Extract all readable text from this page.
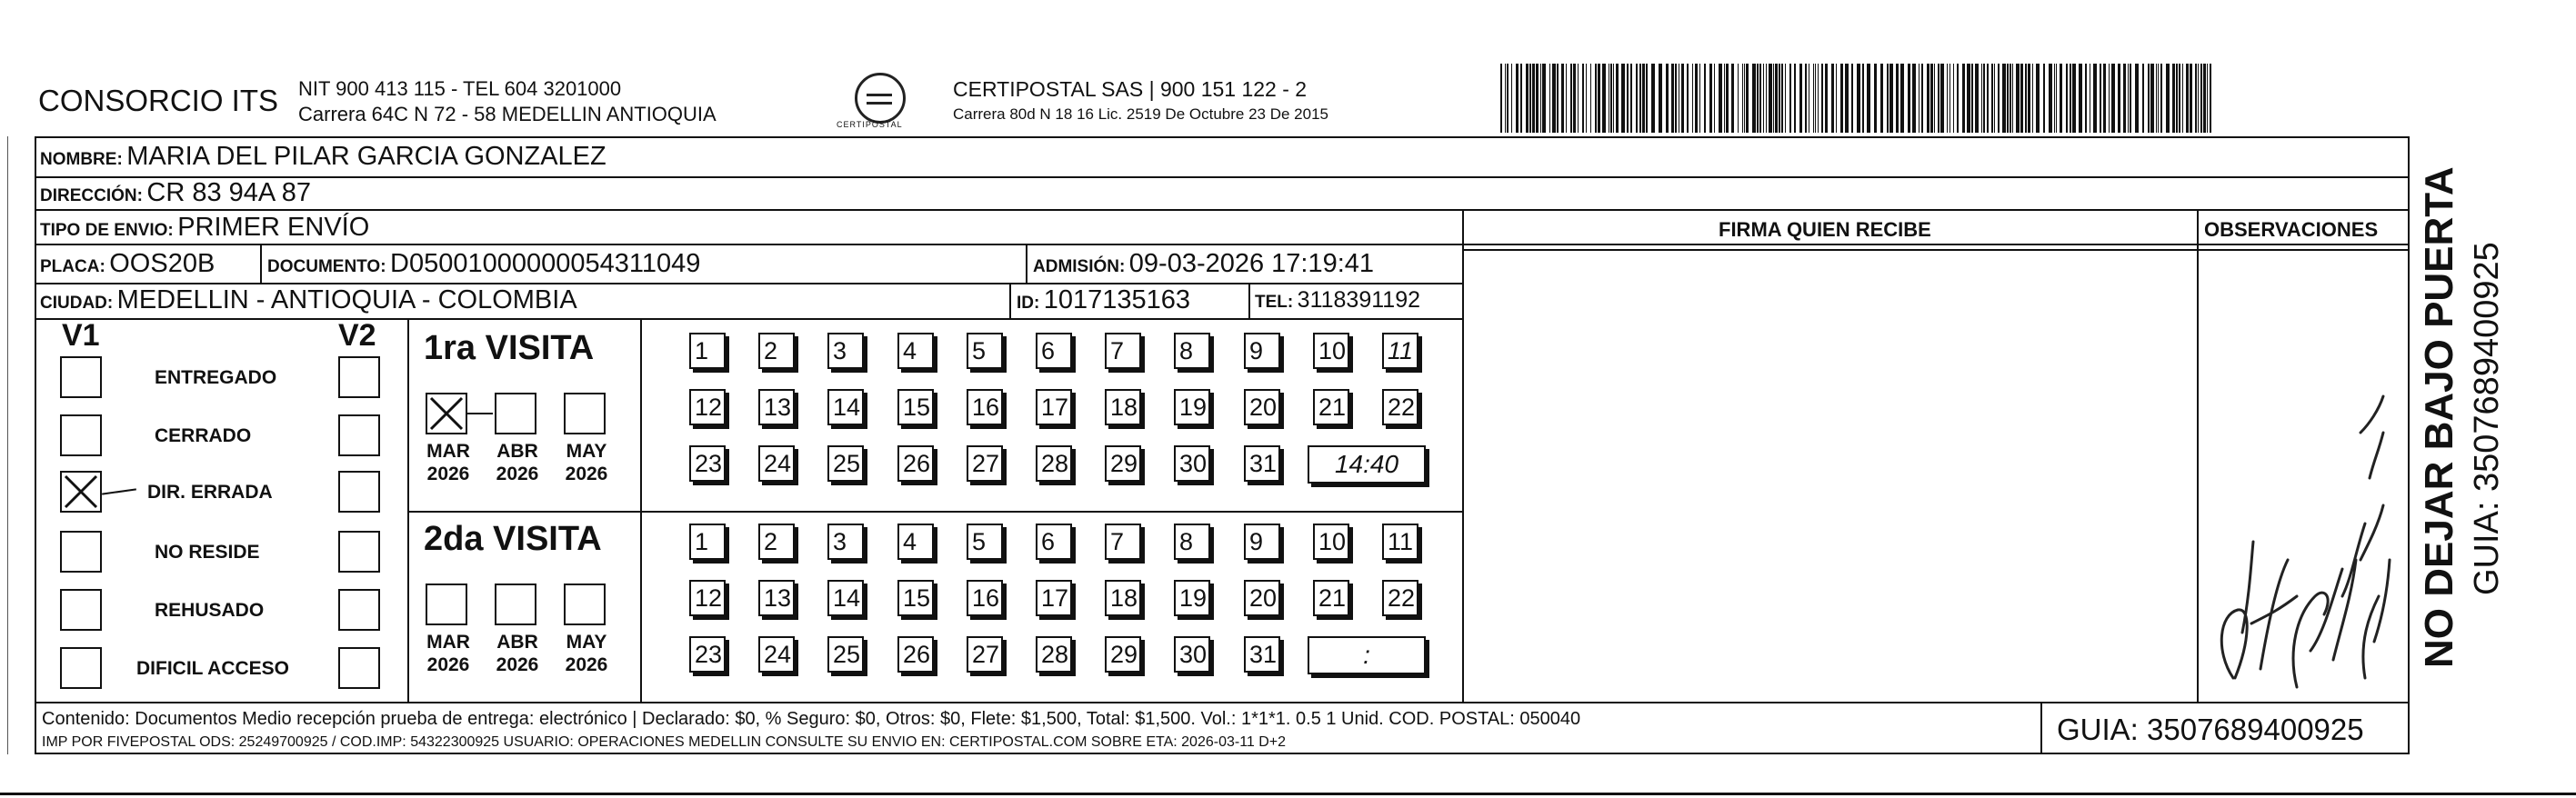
CONSORCIO ITS NIT 900 413 115 - TEL 604 3201000
Carrera 64C N 72 - 58 MEDELLIN ANTIOQUIA	CERTIPOSTAL
CERTIPOSTAL SAS | 900 151 122 - 2
Carrera 80d N 18 16 Lic. 2519 De Octubre 23 De 2015
NOMBRE: MARIA DEL PILAR GARCIA GONZALEZ
DIRECCIÓN: CR 83 94A 87
TIPO DE ENVIO: PRIMER ENVÍO
PLACA: OOS20B	DOCUMENTO: D05001000000054311049	ADMISIÓN: 09-03-2026 17:19:41
CIUDAD: MEDELLIN - ANTIOQUIA - COLOMBIA	ID: 1017135163	TEL: 3118391192
FIRMA QUIEN RECIBE	OBSERVACIONES
V1	V2
ENTREGADO
CERRADO
DIR. ERRADA
NO RESIDE
REHUSADO
DIFICIL ACCESO
1ra VISITA
MAR
2026
ABR
2026
MAY
2026
1	2	3	4	5	6	7	8	9	10 11
12 13 14 15 16 17 18 19 20 21 22
23 24 25 26 27 28 29 30 31	14:40
2da VISITA
MAR
2026
ABR
2026
MAY
2026
1	2	3	4	5	6	7	8	9	10 11
12 13 14 15 16 17 18 19 20 21 22
23 24 25 26 27 28 29 30 31	:
Contenido: Documentos Medio recepción prueba de entrega: electrónico | Declarado: $0, % Seguro: $0, Otros: $0, Flete: $1,500, Total: $1,500. Vol.: 1*1*1. 0.5 1 Unid. COD. POSTAL: 050040
IMP POR FIVEPOSTAL ODS: 25249700925 / COD.IMP: 54322300925 USUARIO: OPERACIONES MEDELLIN CONSULTE SU ENVIO EN: CERTIPOSTAL.COM SOBRE ETA: 2026-03-11 D+2	GUIA: 3507689400925
NO DEJAR BAJO PUERTA GUIA: 3507689400925
